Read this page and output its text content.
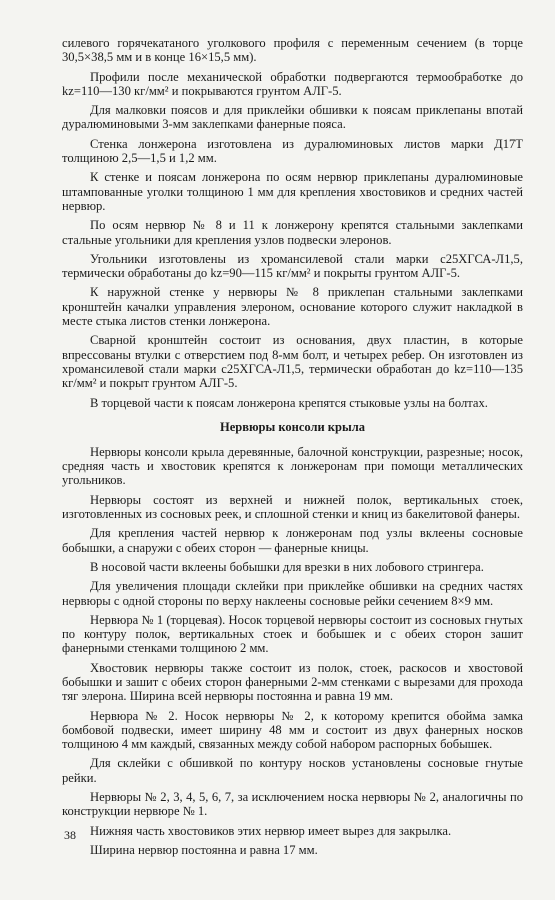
силевого горячекатаного уголкового профиля с переменным сечением (в торце 30,5×38,5 мм и в конце 16×15,5 мм).

Профили после механической обработки подвергаются термообработке до kz=110—130 кг/мм² и покрываются грунтом АЛГ-5.

Для малковки поясов и для приклейки обшивки к поясам приклепаны впотай дуралюминовыми 3-мм заклепками фанерные пояса.

Стенка лонжерона изготовлена из дуралюминовых листов марки Д17Т толщиною 2,5—1,5 и 1,2 мм.

К стенке и поясам лонжерона по осям нервюр приклепаны дуралюминовые штампованные уголки толщиною 1 мм для крепления хвостовиков и средних частей нервюр.

По осям нервюр № 8 и 11 к лонжерону крепятся стальными заклепками стальные угольники для крепления узлов подвески элеронов.

Угольники изготовлены из хромансилевой стали марки с25ХГСА-Л1,5, термически обработаны до kz=90—115 кг/мм² и покрыты грунтом АЛГ-5.

К наружной стенке у нервюры № 8 приклепан стальными заклепками кронштейн качалки управления элероном, основание которого служит накладкой в месте стыка листов стенки лонжерона.

Сварной кронштейн состоит из основания, двух пластин, в которые впрессованы втулки с отверстием под 8-мм болт, и четырех ребер. Он изготовлен из хромансилевой стали марки с25ХГСА-Л1,5, термически обработан до kz=110—135 кг/мм² и покрыт грунтом АЛГ-5.

В торцевой части к поясам лонжерона крепятся стыковые узлы на болтах.

Нервюры консоли крыла

Нервюры консоли крыла деревянные, балочной конструкции, разрезные; носок, средняя часть и хвостовик крепятся к лонжеронам при помощи металлических угольников.

Нервюры состоят из верхней и нижней полок, вертикальных стоек, изготовленных из сосновых реек, и сплошной стенки и книц из бакелитовой фанеры.

Для крепления частей нервюр к лонжеронам под узлы вклеены сосновые бобышки, а снаружи с обеих сторон — фанерные кницы.

В носовой части вклеены бобышки для врезки в них лобового стрингера.

Для увеличения площади склейки при приклейке обшивки на средних частях нервюры с одной стороны по верху наклеены сосновые рейки сечением 8×9 мм.

Нервюра № 1 (торцевая). Носок торцевой нервюры состоит из сосновых гнутых по контуру полок, вертикальных стоек и бобышек и с обеих сторон зашит фанерными стенками толщиною 2 мм.

Хвостовик нервюры также состоит из полок, стоек, раскосов и хвостовой бобышки и зашит с обеих сторон фанерными 2-мм стенками с вырезами для прохода тяг элерона. Ширина всей нервюры постоянна и равна 19 мм.

Нервюра № 2. Носок нервюры № 2, к которому крепится обойма замка бомбовой подвески, имеет ширину 48 мм и состоит из двух фанерных носков толщиною 4 мм каждый, связанных между собой набором распорных бобышек.

Для склейки с обшивкой по контуру носков установлены сосновые гнутые рейки.

Нервюры № 2, 3, 4, 5, 6, 7, за исключением носка нервюры № 2, аналогичны по конструкции нервюре № 1.

Нижняя часть хвостовиков этих нервюр имеет вырез для закрылка.

Ширина нервюр постоянна и равна 17 мм.

38
